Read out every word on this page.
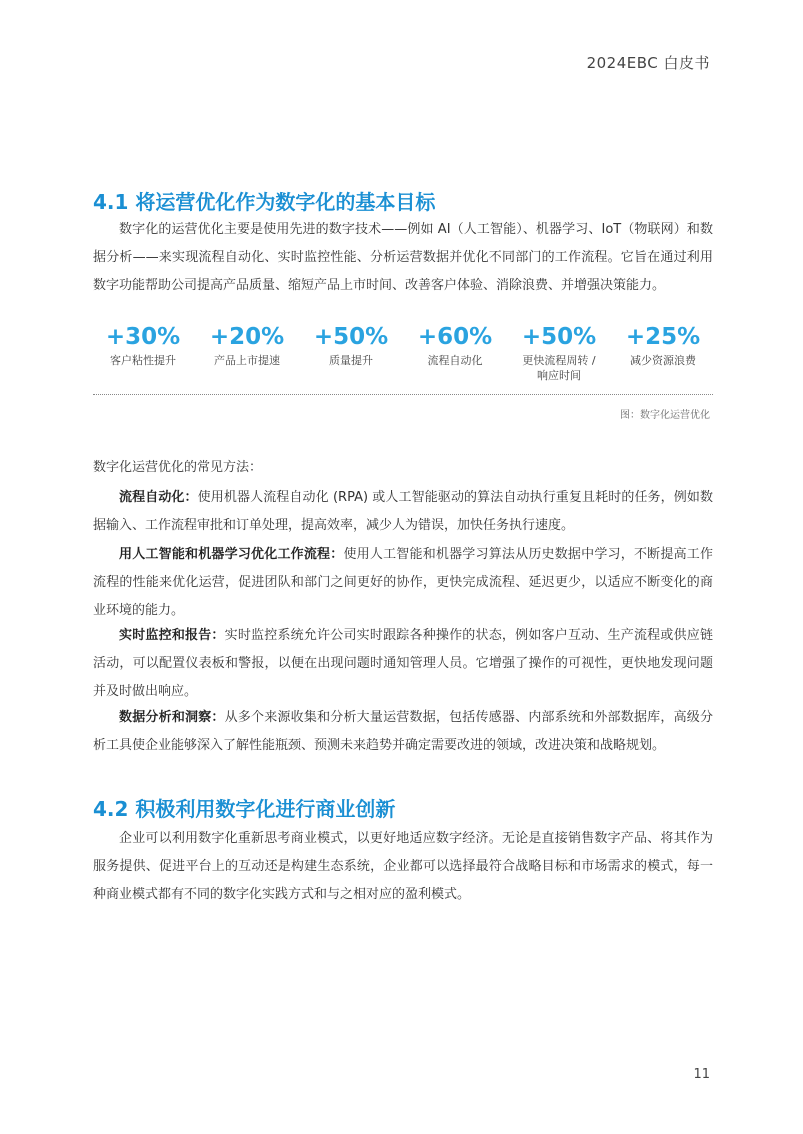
2024EBC 白皮书
4.1 将运营优化作为数字化的基本目标

数字化的运营优化主要是使用先进的数字技术——例如 AI（人工智能）、机器学习、IoT（物联网）和数据分析——来实现流程自动化、实时监控性能、分析运营数据并优化不同部门的工作流程。它旨在通过利用数字功能帮助公司提高产品质量、缩短产品上市时间、改善客户体验、消除浪费、并增强决策能力。

+30%
客户粘性提升
+20%
产品上市提速
+50%
质量提升
+60%
流程自动化
+50%
更快流程周转 / 响应时间
+25%
减少资源浪费
图：数字化运营优化

数字化运营优化的常见方法：

流程自动化：使用机器人流程自动化 (RPA) 或人工智能驱动的算法自动执行重复且耗时的任务，例如数据输入、工作流程审批和订单处理，提高效率，减少人为错误，加快任务执行速度。

用人工智能和机器学习优化工作流程：使用人工智能和机器学习算法从历史数据中学习，不断提高工作流程的性能来优化运营，促进团队和部门之间更好的协作，更快完成流程、延迟更少，以适应不断变化的商业环境的能力。

实时监控和报告：实时监控系统允许公司实时跟踪各种操作的状态，例如客户互动、生产流程或供应链活动，可以配置仪表板和警报，以便在出现问题时通知管理人员。它增强了操作的可视性，更快地发现问题并及时做出响应。

数据分析和洞察：从多个来源收集和分析大量运营数据，包括传感器、内部系统和外部数据库，高级分析工具使企业能够深入了解性能瓶颈、预测未来趋势并确定需要改进的领域，改进决策和战略规划。

4.2 积极利用数字化进行商业创新

企业可以利用数字化重新思考商业模式，以更好地适应数字经济。无论是直接销售数字产品、将其作为服务提供、促进平台上的互动还是构建生态系统，企业都可以选择最符合战略目标和市场需求的模式，每一种商业模式都有不同的数字化实践方式和与之相对应的盈利模式。

11
